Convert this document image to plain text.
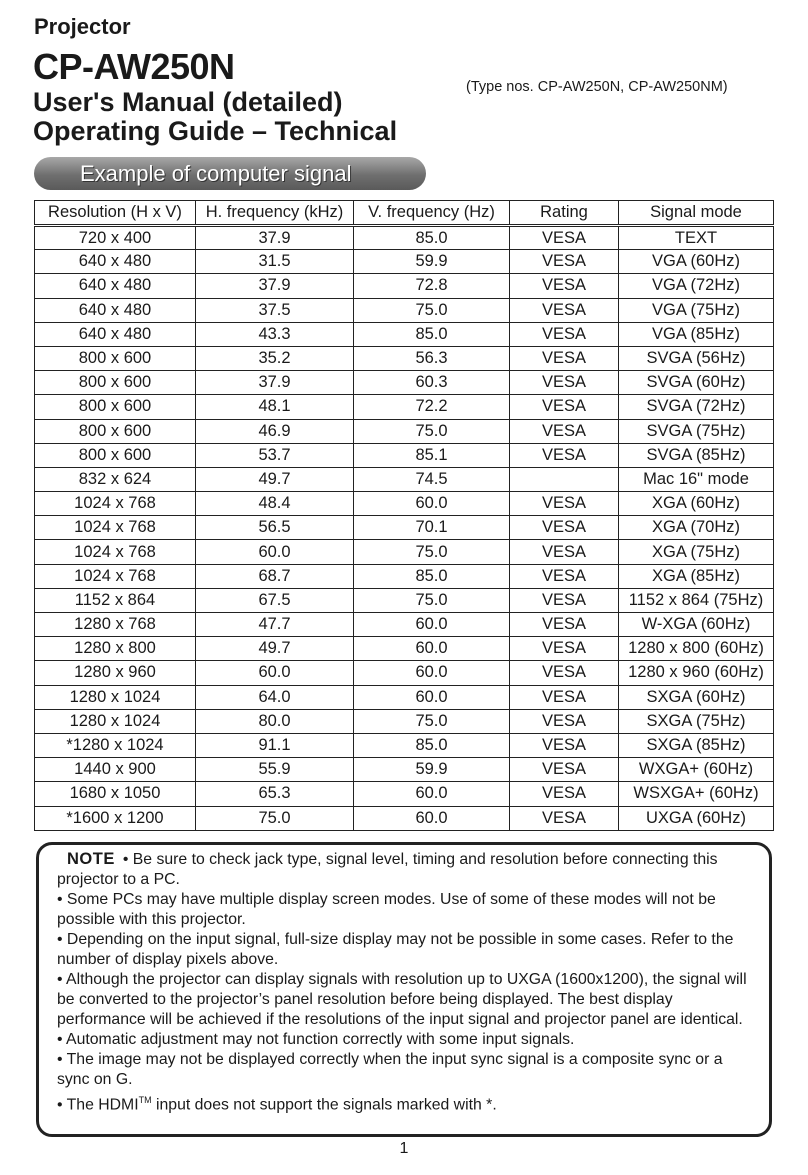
Projector
CP-AW250N
User's Manual (detailed)
Operating Guide – Technical
(Type nos. CP-AW250N, CP-AW250NM)
Example of computer signal
Resolution (H x V)	H. frequency (kHz)	V. frequency (Hz)	Rating	Signal mode
720 x 400	37.9	85.0	VESA	TEXT
640 x 480	31.5	59.9	VESA	VGA (60Hz)
640 x 480	37.9	72.8	VESA	VGA (72Hz)
640 x 480	37.5	75.0	VESA	VGA (75Hz)
640 x 480	43.3	85.0	VESA	VGA (85Hz)
800 x 600	35.2	56.3	VESA	SVGA (56Hz)
800 x 600	37.9	60.3	VESA	SVGA (60Hz)
800 x 600	48.1	72.2	VESA	SVGA (72Hz)
800 x 600	46.9	75.0	VESA	SVGA (75Hz)
800 x 600	53.7	85.1	VESA	SVGA (85Hz)
832 x 624	49.7	74.5		Mac 16" mode
1024 x 768	48.4	60.0	VESA	XGA (60Hz)
1024 x 768	56.5	70.1	VESA	XGA (70Hz)
1024 x 768	60.0	75.0	VESA	XGA (75Hz)
1024 x 768	68.7	85.0	VESA	XGA (85Hz)
1152 x 864	67.5	75.0	VESA	1152 x 864 (75Hz)
1280 x 768	47.7	60.0	VESA	W-XGA (60Hz)
1280 x 800	49.7	60.0	VESA	1280 x 800 (60Hz)
1280 x 960	60.0	60.0	VESA	1280 x 960 (60Hz)
1280 x 1024	64.0	60.0	VESA	SXGA (60Hz)
1280 x 1024	80.0	75.0	VESA	SXGA (75Hz)
*1280 x 1024	91.1	85.0	VESA	SXGA (85Hz)
1440 x 900	55.9	59.9	VESA	WXGA+ (60Hz)
1680 x 1050	65.3	60.0	VESA	WSXGA+ (60Hz)
*1600 x 1200	75.0	60.0	VESA	UXGA (60Hz)

NOTE • Be sure to check jack type, signal level, timing and resolution before connecting this projector to a PC.

• Some PCs may have multiple display screen modes. Use of some of these modes will not be possible with this projector.

• Depending on the input signal, full-size display may not be possible in some cases. Refer to the number of display pixels above.

• Although the projector can display signals with resolution up to UXGA (1600x1200), the signal will be converted to the projector’s panel resolution before being displayed. The best display performance will be achieved if the resolutions of the input signal and projector panel are identical.

• Automatic adjustment may not function correctly with some input signals.

• The image may not be displayed correctly when the input sync signal is a composite sync or a sync on G.

• The HDMI™ input does not support the signals marked with *.

1
